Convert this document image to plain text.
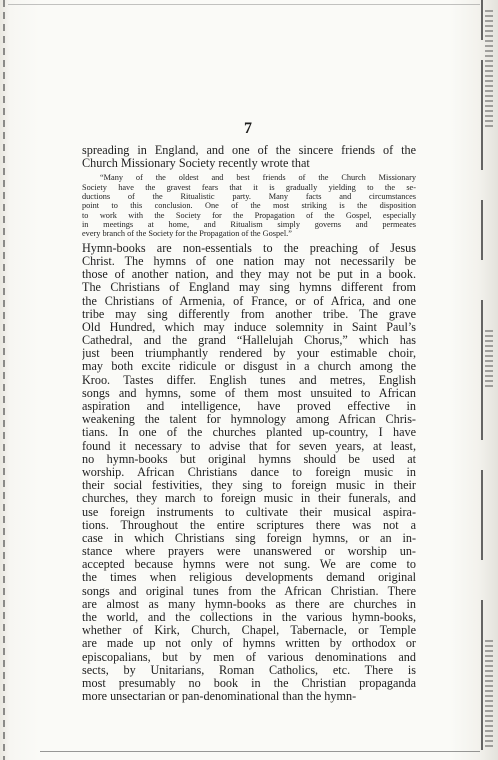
7
spreading in England, and one of the sincere friends of the
Church Missionary Society recently wrote that
“Many of the oldest and best friends of the Church Missionary
Society have the gravest fears that it is gradually yielding to the se-
ductions of the Ritualistic party. Many facts and circumstances
point to this conclusion. One of the most striking is the disposition
to work with the Society for the Propagation of the Gospel, especially
in meetings at home, and Ritualism simply governs and permeates
every branch of the Society for the Propagation of the Gospel.”
Hymn-books are non-essentials to the preaching of Jesus
Christ. The hymns of one nation may not necessarily be
those of another nation, and they may not be put in a book.
The Christians of England may sing hymns different from
the Christians of Armenia, of France, or of Africa, and one
tribe may sing differently from another tribe. The grave
Old Hundred, which may induce solemnity in Saint Paul’s
Cathedral, and the grand “Hallelujah Chorus,” which has
just been triumphantly rendered by your estimable choir,
may both excite ridicule or disgust in a church among the
Kroo. Tastes differ. English tunes and metres, English
songs and hymns, some of them most unsuited to African
aspiration and intelligence, have proved effective in
weakening the talent for hymnology among African Chris-
tians. In one of the churches planted up-country, I have
found it necessary to advise that for seven years, at least,
no hymn-books but original hymns should be used at
worship. African Christians dance to foreign music in
their social festivities, they sing to foreign music in their
churches, they march to foreign music in their funerals, and
use foreign instruments to cultivate their musical aspira-
tions. Throughout the entire scriptures there was not a
case in which Christians sing foreign hymns, or an in-
stance where prayers were unanswered or worship un-
accepted because hymns were not sung. We are come to
the times when religious developments demand original
songs and original tunes from the African Christian. There
are almost as many hymn-books as there are churches in
the world, and the collections in the various hymn-books,
whether of Kirk, Church, Chapel, Tabernacle, or Temple
are made up not only of hymns written by orthodox or
episcopalians, but by men of various denominations and
sects, by Unitarians, Roman Catholics, etc. There is
most presumably no book in the Christian propaganda
more unsectarian or pan-denominational than the hymn-
